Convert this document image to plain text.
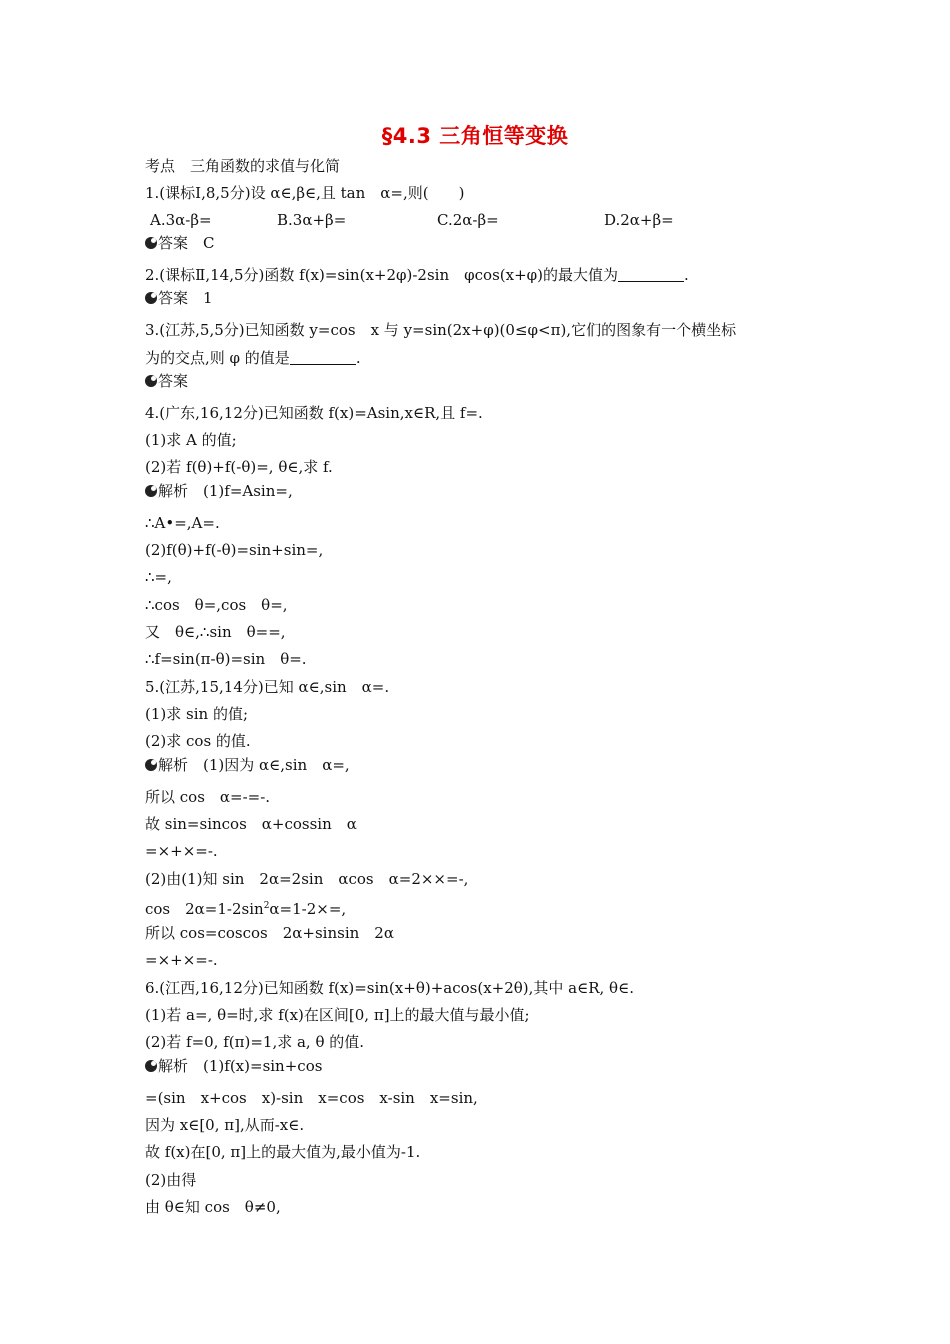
§4.3 三角恒等变换
考点　三角函数的求值与化简
1.(课标Ⅰ,8,5分)设 α∈,β∈,且 tan　α=,则(　　)
A.3α-β=	B.3α+β=	C.2α-β=	D.2α+β=
答案　 C
2.(课标Ⅱ,14,5分)函数 f(x)=sin(x+2φ)-2sin　φcos(x+φ)的最大值为	.
答案　 1
3.(江苏,5,5分)已知函数 y=cos　x 与 y=sin(2x+φ)(0≤φ<π),它们的图象有一个横坐标
为的交点,则 φ 的值是	.
答案
4.(广东,16,12分)已知函数 f(x)=Asin,x∈R,且 f=.
(1)求 A 的值;
(2)若 f(θ)+f(-θ)=, θ∈,求 f.
解析　 (1)f=Asin=,
∴A•=,A=.
(2)f(θ)+f(-θ)=sin+sin=,
∴=,
∴cos　θ=,cos　θ=,
又　θ∈,∴sin　θ==,
∴f=sin(π-θ)=sin　θ=.
5.(江苏,15,14分)已知 α∈,sin　α=.
(1)求 sin 的值;
(2)求 cos 的值.
解析　 (1)因为 α∈,sin　α=,
所以 cos　α=-=-.
故 sin=sincos　α+cossin　α
=×+×=-.
(2)由(1)知 sin　2α=2sin　αcos　α=2××=-,
cos　$2\alpha=1-2\sin^2\alpha=1-2\times=$,
所以 cos=coscos　2α+sinsin　2α
=×+×=-.
6.(江西,16,12分)已知函数 f(x)=sin(x+θ)+acos(x+2θ),其中 a∈R, θ∈.
(1)若 a=, θ=时,求 f(x)在区间[0, π]上的最大值与最小值;
(2)若 f=0, f(π)=1,求 a, θ 的值.
解析　 (1)f(x)=sin+cos
=(sin　x+cos　x)-sin　x=cos　x-sin　x=sin,
因为 x∈[0, π],从而-x∈.
故 f(x)在[0, π]上的最大值为,最小值为-1.
(2)由得
由 θ∈知 cos　θ≠0,
